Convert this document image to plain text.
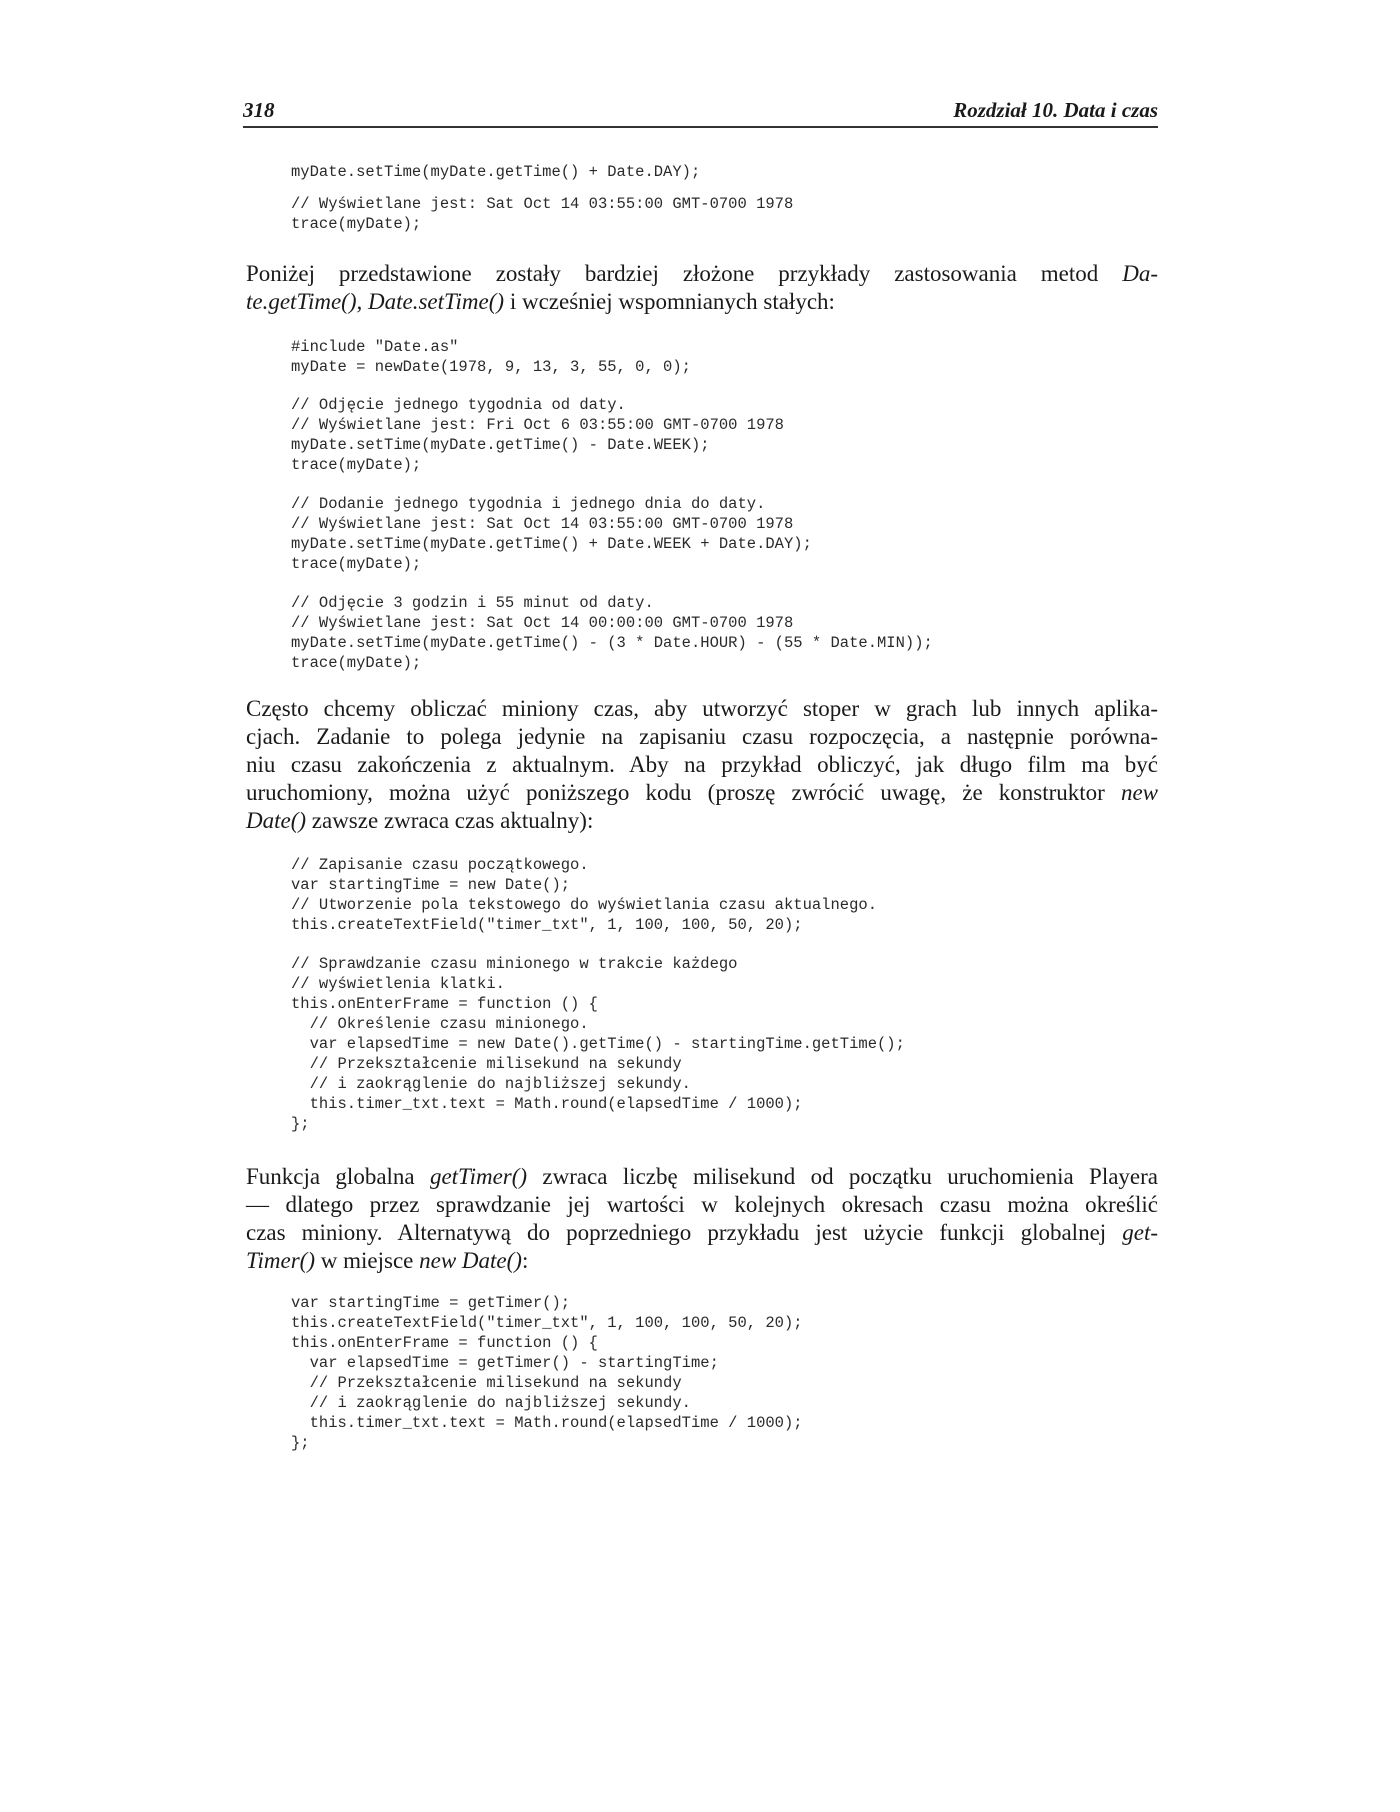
318	Rozdział 10. Data i czas
myDate.setTime(myDate.getTime() + Date.DAY);
// Wyświetlane jest: Sat Oct 14 03:55:00 GMT-0700 1978
trace(myDate);

Poniżej przedstawione zostały bardziej złożone przykłady zastosowania metod Da-
te.getTime(), Date.setTime() i wcześniej wspomnianych stałych:

#include "Date.as"
myDate = newDate(1978, 9, 13, 3, 55, 0, 0);
// Odjęcie jednego tygodnia od daty.
// Wyświetlane jest: Fri Oct 6 03:55:00 GMT-0700 1978
myDate.setTime(myDate.getTime() - Date.WEEK);
trace(myDate);
// Dodanie jednego tygodnia i jednego dnia do daty.
// Wyświetlane jest: Sat Oct 14 03:55:00 GMT-0700 1978
myDate.setTime(myDate.getTime() + Date.WEEK + Date.DAY);
trace(myDate);
// Odjęcie 3 godzin i 55 minut od daty.
// Wyświetlane jest: Sat Oct 14 00:00:00 GMT-0700 1978
myDate.setTime(myDate.getTime() - (3 * Date.HOUR) - (55 * Date.MIN));
trace(myDate);

Często chcemy obliczać miniony czas, aby utworzyć stoper w grach lub innych aplika-
cjach. Zadanie to polega jedynie na zapisaniu czasu rozpoczęcia, a następnie porówna-
niu czasu zakończenia z aktualnym. Aby na przykład obliczyć, jak długo film ma być
uruchomiony, można użyć poniższego kodu (proszę zwrócić uwagę, że konstruktor new
Date() zawsze zwraca czas aktualny):

// Zapisanie czasu początkowego.
var startingTime = new Date();
// Utworzenie pola tekstowego do wyświetlania czasu aktualnego.
this.createTextField("timer_txt", 1, 100, 100, 50, 20);
// Sprawdzanie czasu minionego w trakcie każdego
// wyświetlenia klatki.
this.onEnterFrame = function () {
// Określenie czasu minionego.
var elapsedTime = new Date().getTime() - startingTime.getTime();
// Przekształcenie milisekund na sekundy
// i zaokrąglenie do najbliższej sekundy.
this.timer_txt.text = Math.round(elapsedTime / 1000);
};

Funkcja globalna getTimer() zwraca liczbę milisekund od początku uruchomienia Playera
— dlatego przez sprawdzanie jej wartości w kolejnych okresach czasu można określić
czas miniony. Alternatywą do poprzedniego przykładu jest użycie funkcji globalnej get-
Timer() w miejsce new Date():

var startingTime = getTimer();
this.createTextField("timer_txt", 1, 100, 100, 50, 20);
this.onEnterFrame = function () {
var elapsedTime = getTimer() - startingTime;
// Przekształcenie milisekund na sekundy
// i zaokrąglenie do najbliższej sekundy.
this.timer_txt.text = Math.round(elapsedTime / 1000);
};
